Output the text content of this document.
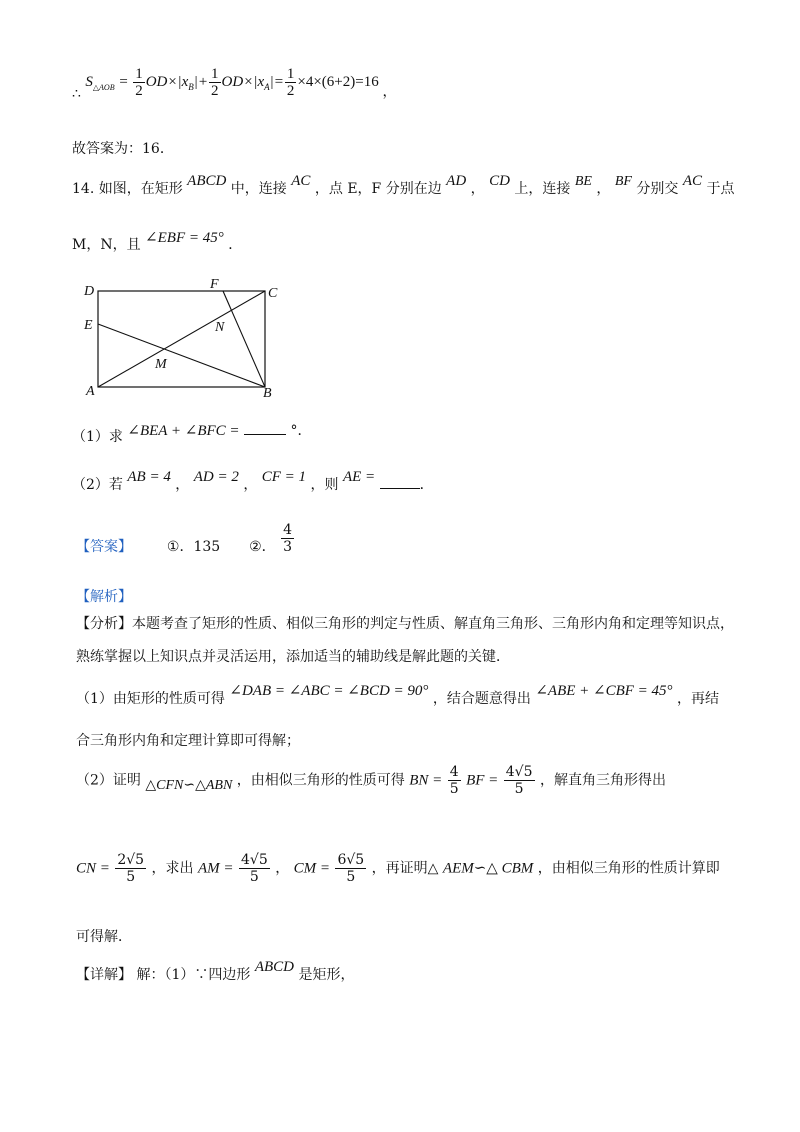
∴ $S_{\triangle AOB} = \frac{1}{2} OD\times|x_B|+ \frac{1}{2} OD\times|x_A|= \frac{1}{2} \times 4\times(6+2)=16$ ，
故答案为：16．
14. 如图，在矩形 ABCD 中，连接 AC ，点 E，F 分别在边 AD ， CD 上，连接 BE ， BF 分别交 AC 于点
M，N，且 ∠EBF = 45° ．
D	F
C
E	N
M
A	B
（1）求 ∠BEA + ∠BFC =	°．
（2）若 AB = 4 ， AD = 2 ， CF = 1 ，则 AE =	．
【答案】 ①．135 ②． $\frac{4}{3}$
【解析】
【分析】本题考查了矩形的性质、相似三角形的判定与性质、解直角三角形、三角形内角和定理等知识点，
熟练掌握以上知识点并灵活运用，添加适当的辅助线是解此题的关键．
（1）由矩形的性质可得 ∠DAB = ∠ABC = ∠BCD = 90° ，结合题意得出 ∠ABE + ∠CBF = 45° ，再结
合三角形内角和定理计算即可得解；
（2）证明 △CFN∽△ABN ，由相似三角形的性质可得 BN = $\frac{4}{5}$ BF = $\frac{4√5}{5}$ ，解直角三角形得出
CN = $\frac{2√5}{5}$ ，求出 AM = $\frac{4√5}{5}$ ， CM = $\frac{6√5}{5}$ ，再证明△ AEM∽△ CBM ，由相似三角形的性质计算即
可得解．
【详解】 解：（1）∵四边形 ABCD 是矩形，
